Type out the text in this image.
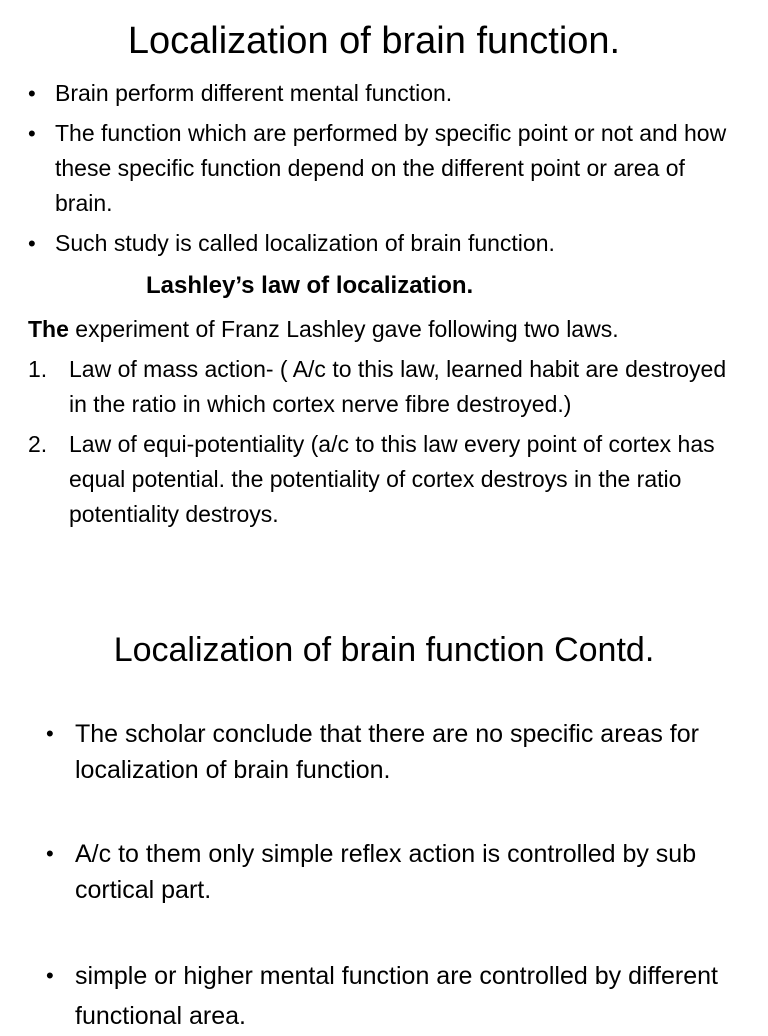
Localization of brain function.
• Brain perform different mental function.
• The function which are performed by specific point or not and how these specific function depend on the different point or area of brain.
• Such study is called localization of brain function.
Lashley’s law of localization.

The experiment of Franz Lashley gave following two laws.

1. Law of mass action- ( A/c to this law, learned habit are destroyed in the ratio in which cortex nerve fibre destroyed.)
2. Law of equi-potentiality (a/c to this law every point of cortex has equal potential. the potentiality of cortex destroys in the ratio potentiality destroys.
Localization of brain function Contd.
• The scholar conclude that there are no specific areas for localization of brain function.
• A/c to them only simple reflex action is controlled by sub cortical part.
• simple or higher mental function are controlled by different functional area.
